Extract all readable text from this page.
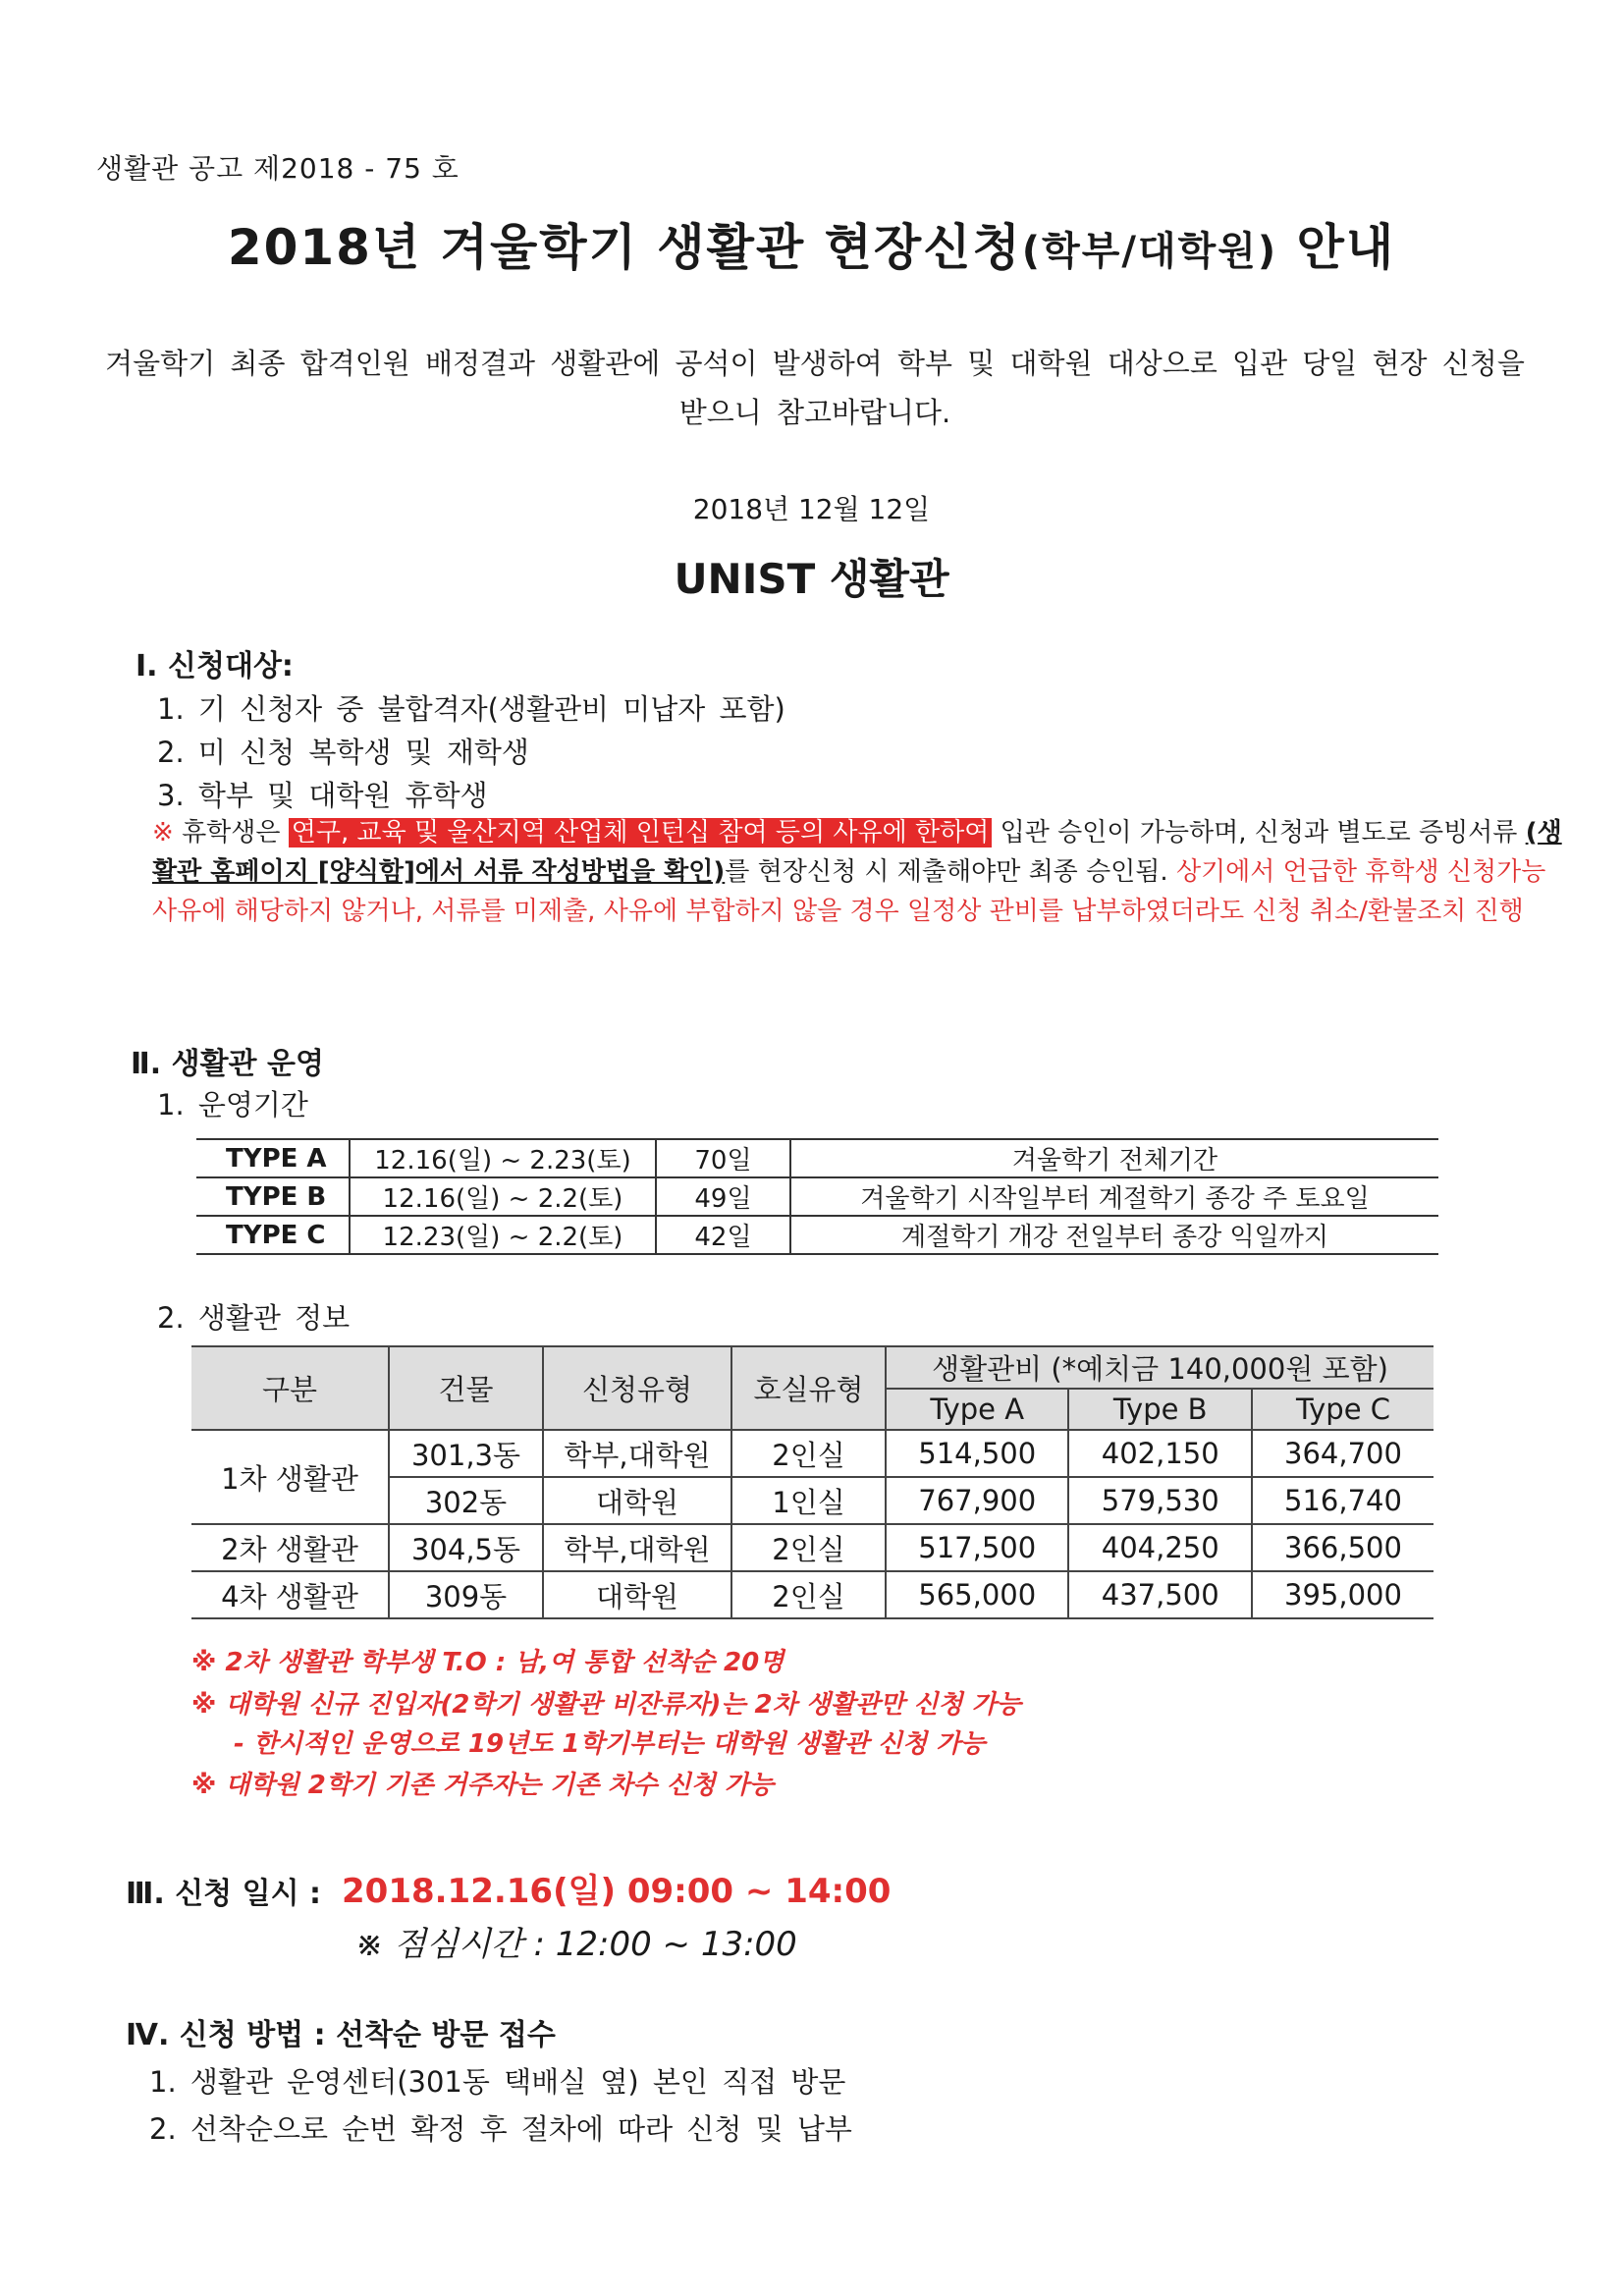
생활관 공고 제2018 - 75 호
2018년 겨울학기 생활관 현장신청(학부/대학원) 안내
겨울학기 최종 합격인원 배정결과 생활관에 공석이 발생하여 학부 및 대학원 대상으로 입관 당일 현장 신청을 받으니 참고바랍니다.
2018년 12월 12일
UNIST 생활관
Ⅰ. 신청대상:
1. 기 신청자 중 불합격자(생활관비 미납자 포함)
2. 미 신청 복학생 및 재학생
3. 학부 및 대학원 휴학생
※ 휴학생은 연구, 교육 및 울산지역 산업체 인턴십 참여 등의 사유에 한하여 입관 승인이 가능하며, 신청과 별도로 증빙서류 (생활관 홈페이지 [양식함]에서 서류 작성방법을 확인)를 현장신청 시 제출해야만 최종 승인됨. 상기에서 언급한 휴학생 신청가능사유에 해당하지 않거나, 서류를 미제출, 사유에 부합하지 않을 경우 일정상 관비를 납부하였더라도 신청 취소/환불조치 진행
Ⅱ. 생활관 운영
1. 운영기간
TYPE A	12.16(일) ~ 2.23(토)	70일	겨울학기 전체기간
TYPE B	12.16(일) ~ 2.2(토)	49일	겨울학기 시작일부터 계절학기 종강 주 토요일
TYPE C	12.23(일) ~ 2.2(토)	42일	계절학기 개강 전일부터 종강 익일까지
2. 생활관 정보
구분	건물	신청유형	호실유형	생활관비 (*예치금 140,000원 포함)		
				Type A	Type B	Type C
1차 생활관	301,3동	학부,대학원	2인실	514,500	402,150	364,700
	302동	대학원	1인실	767,900	579,530	516,740
2차 생활관	304,5동	학부,대학원	2인실	517,500	404,250	366,500
4차 생활관	309동	대학원	2인실	565,000	437,500	395,000
※ 2차 생활관 학부생 T.O : 남,여 통합 선착순 20명
※ 대학원 신규 진입자(2학기 생활관 비잔류자)는 2차 생활관만 신청 가능
- 한시적인 운영으로 19년도 1학기부터는 대학원 생활관 신청 가능
※ 대학원 2학기 기존 거주자는 기존 차수 신청 가능
Ⅲ. 신청 일시 : 2018.12.16(일) 09:00 ~ 14:00
※ 점심시간 : 12:00 ~ 13:00
Ⅳ. 신청 방법 : 선착순 방문 접수
1. 생활관 운영센터(301동 택배실 옆) 본인 직접 방문
2. 선착순으로 순번 확정 후 절차에 따라 신청 및 납부
